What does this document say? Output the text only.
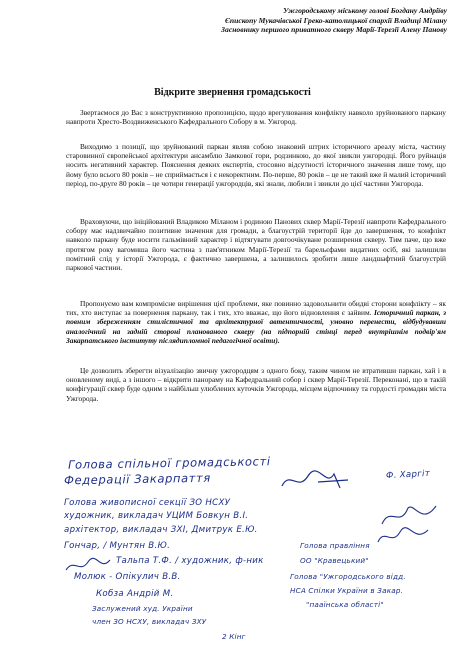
Ужгородському міському голові Богдану Андріїву
Єпископу Мукачівської Греко-католицької єпархії Владиці Мілану
Засновнику першого приватного скверу Марії-Терезії Алену Панову
Відкрите звернення громадськості
Звертаємося до Вас з конструктивною пропозицією, щодо врегулювання конфлікту навколо зруйнованого паркану навпроти Хресто-Воздвиженського Кафедрального Собору в м. Ужгород.
Виходимо з позиції, що зруйнований паркан являв собою знаковий штрих історичного ареалу міста, частину старовинної європейської архітектури ансамблю Замкової гори, родзинкою, до якої звикли ужгородці. Його руйнація носить негативний характер. Пояснення деяких експертів, стосовно відсутності історичного значення лише тому, що йому було всього 80 років – не сприймається і є некоректним. По-перше, 80 років – це не такий вже й малий історичний період, по-друге 80 років – це чотири генерації ужгородців, які знали, любили і звикли до цієї частини Ужгорода.
Враховуючи, що ініційований Владикою Міланом і родиною Панових сквер Марії-Терезії навпроти Кафедрального собору має надзвичайно позитивне значення для громади, а благоустрій території йде до завершення, то конфлікт навколо паркану буде носити гальмівний характер і відтягувати довгоочікуване розширення скверу. Тим паче, що вже протягом року вагомиша його частина з пам'ятником Марії-Терезії та барельєфами видатних осіб, які залишили помітний слід у історії Ужгорода, є фактично завершена, а залишилось зробити лише ландшафтний благоустрій паркової частини.
Пропонуємо вам компромісне вирішення цієї проблеми, яке повинно задовольнити обидві сторони конфлікту – як тих, хто виступає за повернення паркану, так і тих, хто вважає, що його відновлення є зайвим. Історичний паркан, з повним збереженням стилістичної та архітектурної автентичності, умовно перенести, відбудувавши аналогічний на задній стороні планованого скверу (на підпорній стінці перед внутрішнім подвір'ям Закарпатського інституту післядипломної педагогічної освіти).
Це дозволить зберегти візуалізацію звичну ужгородцям з одного боку, таким чином не втративши паркан, хай і в оновленому виді, а з іншого – відкрити панораму на Кафедральний собор і сквер Марії-Терезії. Переконані, що в такій конфігурації сквер буде одним з найбільш улюблених куточків Ужгорода, місцем відпочинку та гордості громадян міста Ужгорода.
Голова спільної громадськості
Федерації Закарпаття	Ф. Харгіт
Голова живописної секції ЗО НСХУ
художник, викладач УЦИМ Бовкун В.І.
архітектор, викладач ЗХІ, Дмитрук Е.Ю.
Гончар, / Мунтян В.Ю.	Голова правління
Тальпа Т.Ф. / художник, ф-ник	ОО "Кравецький"
Молюк - Опікулич В.В.	Голова "Ужгородського відд.
Кобза Андрій М.	НСА Спілки України в Закар.
Заслужений худ. України	"пааїнська області"
член ЗО НСХУ, викладач ЗХУ
2 Кінг
